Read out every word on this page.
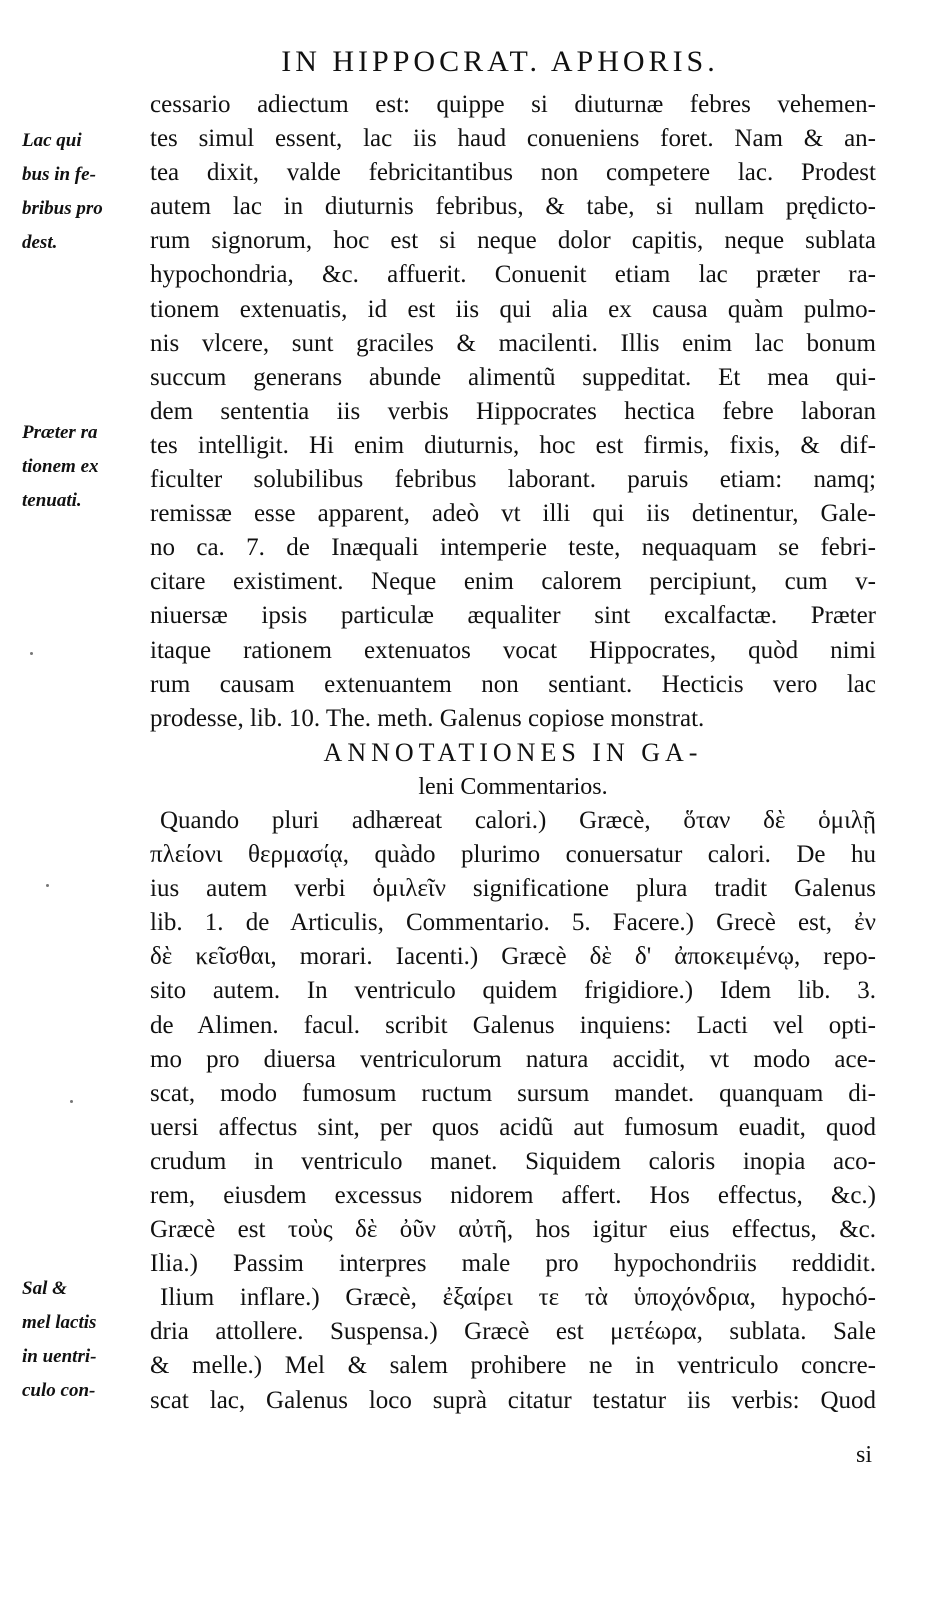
IN HIPPOCRAT. APHORIS.
Lac qui
bus in fe-
bribus pro
dest.
Præter ra
tionem ex
tenuati.
Sal &
mel lactis
in uentri-
culo con-
cessario adiectum est: quippe si diuturnæ febres vehemen-
tes simul essent, lac iis haud conueniens foret. Nam & an-
tea dixit, valde febricitantibus non competere lac. Prodest
autem lac in diuturnis febribus, & tabe, si nullam prędicto-
rum signorum, hoc est si neque dolor capitis, neque sublata
hypochondria, &c. affuerit. Conuenit etiam lac præter ra-
tionem extenuatis, id est iis qui alia ex causa quàm pulmo-
nis vlcere, sunt graciles & macilenti. Illis enim lac bonum
succum generans abunde alimentũ suppeditat. Et mea qui-
dem sententia iis verbis Hippocrates hectica febre laboran
tes intelligit. Hi enim diuturnis, hoc est firmis, fixis, & dif-
ficulter solubilibus febribus laborant. paruis etiam: namq;
remissæ esse apparent, adeò vt illi qui iis detinentur, Gale-
no ca. 7. de Inæquali intemperie teste, nequaquam se febri-
citare existiment. Neque enim calorem percipiunt, cum v-
niuersæ ipsis particulæ æqualiter sint excalfactæ. Præter
itaque rationem extenuatos vocat Hippocrates, quòd nimi
rum causam extenuantem non sentiant. Hecticis vero lac
prodesse, lib. 10. The. meth. Galenus copiose monstrat.
ANNOTATIONES IN GA-
leni Commentarios.
Quando pluri adhæreat calori.) Græcè, ὅταν δὲ ὁμιλῇ
πλείονι θερμασίᾳ, quàdo plurimo conuersatur calori. De hu
ius autem verbi ὁμιλεῖν significatione plura tradit Galenus
lib. 1. de Articulis, Commentario. 5. Facere.) Grecè est, ἐν
δὲ κεῖσθαι, morari. Iacenti.) Græcè δὲ δ' ἀποκειμένῳ, repo-
sito autem. In ventriculo quidem frigidiore.) Idem lib. 3.
de Alimen. facul. scribit Galenus inquiens: Lacti vel opti-
mo pro diuersa ventriculorum natura accidit, vt modo ace-
scat, modo fumosum ructum sursum mandet. quanquam di-
uersi affectus sint, per quos acidũ aut fumosum euadit, quod
crudum in ventriculo manet. Siquidem caloris inopia aco-
rem, eiusdem excessus nidorem affert. Hos effectus, &c.)
Græcè est τοὺς δὲ ὀῦν αὐτῆ, hos igitur eius effectus, &c.
Ilia.) Passim interpres male pro hypochondriis reddidit.
Ilium inflare.) Græcè, ἐξαίρει τε τὰ ὑποχόνδρια, hypochó-
dria attollere. Suspensa.) Græcè est μετέωρα, sublata. Sale
& melle.) Mel & salem prohibere ne in ventriculo concre-
scat lac, Galenus loco suprà citatur testatur iis verbis: Quod
si
